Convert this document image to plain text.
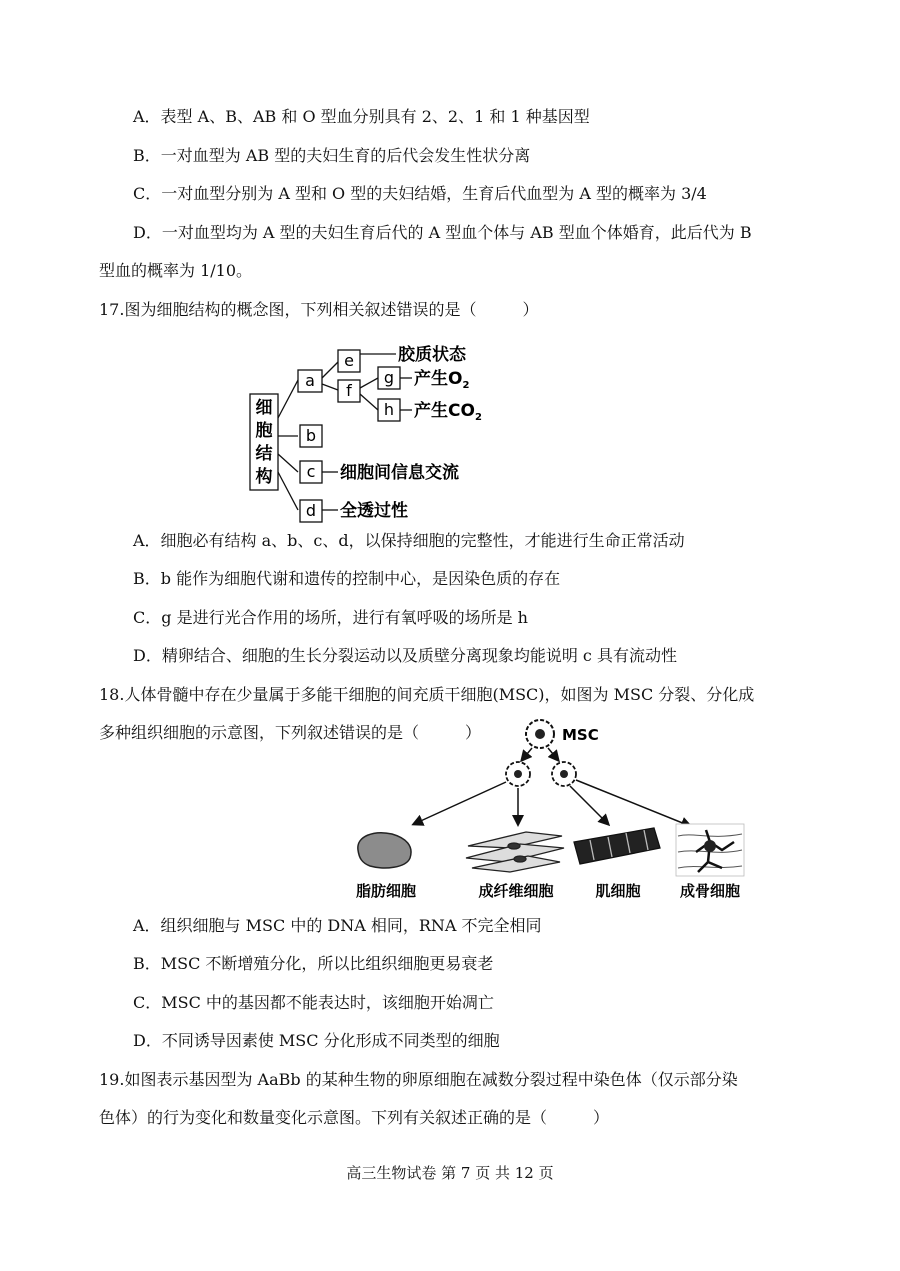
A．表型 A、B、AB 和 O 型血分别具有 2、2、1 和 1 种基因型
B．一对血型为 AB 型的夫妇生育的后代会发生性状分离
C．一对血型分别为 A 型和 O 型的夫妇结婚，生育后代血型为 A 型的概率为 3/4
D．一对血型均为 A 型的夫妇生育后代的 A 型血个体与 AB 型血个体婚育，此后代为 B
型血的概率为 1/10。
17.图为细胞结构的概念图，下列相关叙述错误的是（	）
细
胞
结
构
a
b
c
d
e
f
g
h
胶质状态
产生$O_2$
产生$CO_2$
细胞间信息交流
全透过性
A．细胞必有结构 a、b、c、d，以保持细胞的完整性，才能进行生命正常活动
B．b 能作为细胞代谢和遗传的控制中心，是因染色质的存在
C．g 是进行光合作用的场所，进行有氧呼吸的场所是 h
D．精卵结合、细胞的生长分裂运动以及质壁分离现象均能说明 c 具有流动性
18.人体骨髓中存在少量属于多能干细胞的间充质干细胞(MSC)，如图为 MSC 分裂、分化成
多种组织细胞的示意图，下列叙述错误的是（	）	MSC
脂肪细胞	成纤维细胞	肌细胞	成骨细胞
A．组织细胞与 MSC 中的 DNA 相同，RNA 不完全相同
B．MSC 不断增殖分化，所以比组织细胞更易衰老
C．MSC 中的基因都不能表达时，该细胞开始凋亡
D．不同诱导因素使 MSC 分化形成不同类型的细胞
19.如图表示基因型为 AaBb 的某种生物的卵原细胞在减数分裂过程中染色体（仅示部分染
色体）的行为变化和数量变化示意图。下列有关叙述正确的是（	）
高三生物试卷 第 7 页 共 12 页
